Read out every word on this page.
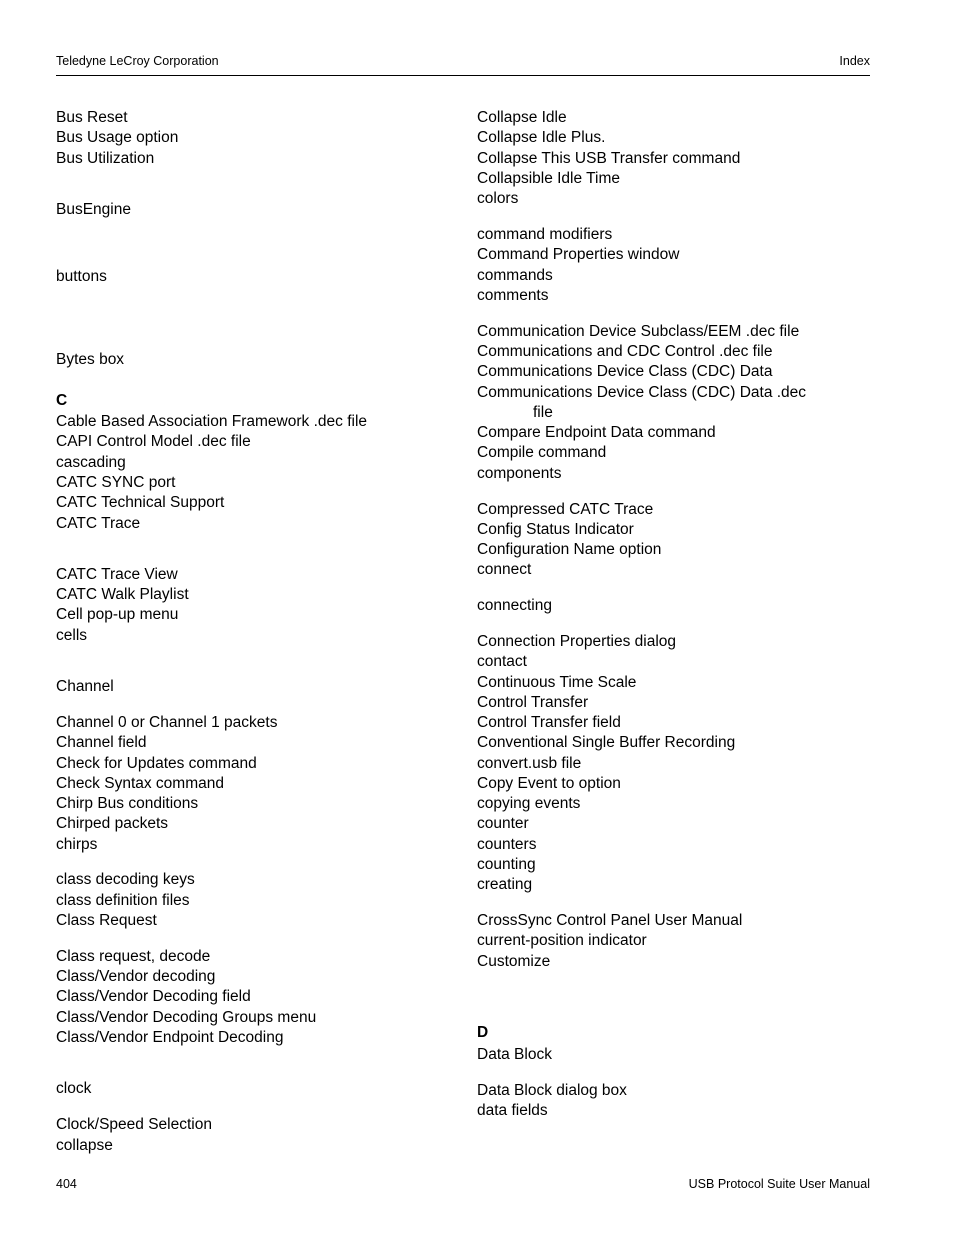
Teledyne LeCroy Corporation	Index
Bus Reset
Bus Usage option
Bus Utilization
BusEngine
buttons
Bytes box
C
Cable Based Association Framework .dec file
CAPI Control Model .dec file
cascading
CATC SYNC port
CATC Technical Support
CATC Trace
CATC Trace View
CATC Walk Playlist
Cell pop-up menu
cells
Channel
Channel 0 or Channel 1 packets
Channel field
Check for Updates command
Check Syntax command
Chirp Bus conditions
Chirped packets
chirps
class decoding keys
class definition files
Class Request
Class request, decode
Class/Vendor decoding
Class/Vendor Decoding field
Class/Vendor Decoding Groups menu
Class/Vendor Endpoint Decoding
clock
Clock/Speed Selection
collapse
Collapse Idle
Collapse Idle Plus.
Collapse This USB Transfer command
Collapsible Idle Time
colors
command modifiers
Command Properties window
commands
comments
Communication Device Subclass/EEM .dec file
Communications and CDC Control .dec file
Communications Device Class (CDC) Data
Communications Device Class (CDC) Data .dec
file
Compare Endpoint Data command
Compile command
components
Compressed CATC Trace
Config Status Indicator
Configuration Name option
connect
connecting
Connection Properties dialog
contact
Continuous Time Scale
Control Transfer
Control Transfer field
Conventional Single Buffer Recording
convert.usb file
Copy Event to option
copying events
counter
counters
counting
creating
CrossSync Control Panel User Manual
current-position indicator
Customize
D
Data Block
Data Block dialog box
data fields
404	USB Protocol Suite User Manual
